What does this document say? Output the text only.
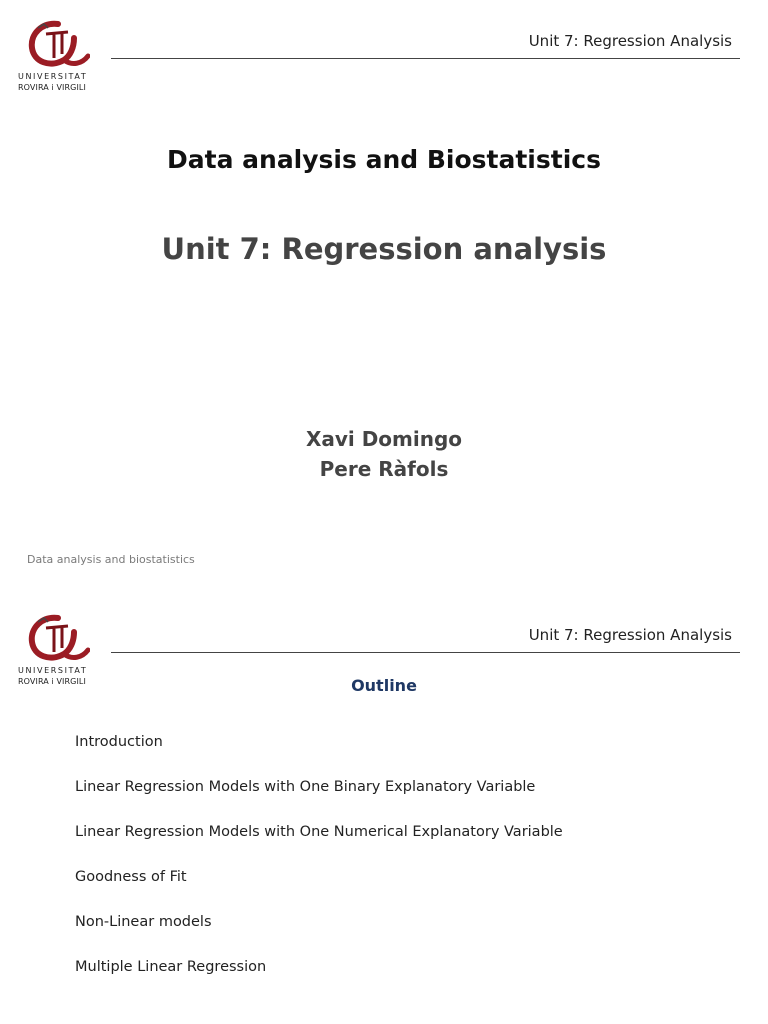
UNIVERSITAT
ROVIRA i VIRGILI
Unit 7: Regression Analysis
Data analysis and Biostatistics
Unit 7: Regression analysis
Xavi Domingo
Pere Ràfols
Data analysis and biostatistics
UNIVERSITAT
ROVIRA i VIRGILI
Unit 7: Regression Analysis
Outline
Introduction
Linear Regression Models with One Binary Explanatory Variable
Linear Regression Models with One Numerical Explanatory Variable
Goodness of Fit
Non-Linear models
Multiple Linear Regression
